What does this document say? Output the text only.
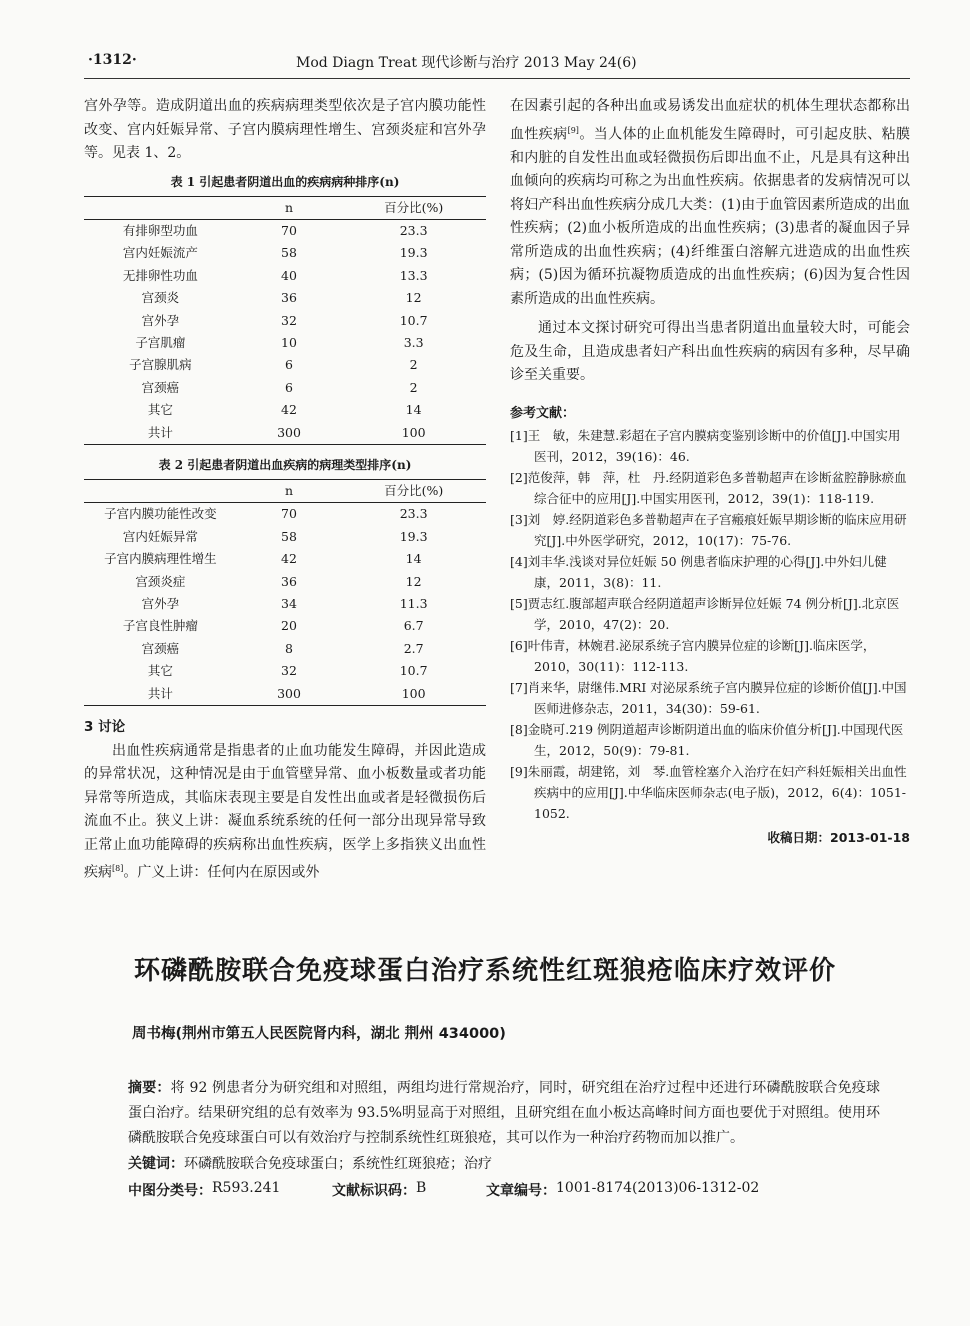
·1312·	Mod Diagn Treat 现代诊断与治疗 2013 May 24(6)

宫外孕等。造成阴道出血的疾病病理类型依次是子宫内膜功能性改变、宫内妊娠异常、子宫内膜病理性增生、宫颈炎症和宫外孕等。见表 1、2。

表 1 引起患者阴道出血的疾病病种排序(n)
	n	百分比(%)
有排卵型功血	70	23.3
宫内妊娠流产	58	19.3
无排卵性功血	40	13.3
宫颈炎	36	12
宫外孕	32	10.7
子宫肌瘤	10	3.3
子宫腺肌病	6	2
宫颈癌	6	2
其它	42	14
共计	300	100
表 2 引起患者阴道出血疾病的病理类型排序(n)
	n	百分比(%)
子宫内膜功能性改变	70	23.3
宫内妊娠异常	58	19.3
子宫内膜病理性增生	42	14
宫颈炎症	36	12
宫外孕	34	11.3
子宫良性肿瘤	20	6.7
宫颈癌	8	2.7
其它	32	10.7
共计	300	100
3 讨论

出血性疾病通常是指患者的止血功能发生障碍，并因此造成的异常状况，这种情况是由于血管壁异常、血小板数量或者功能异常等所造成，其临床表现主要是自发性出血或者是轻微损伤后流血不止。狭义上讲：凝血系统系统的任何一部分出现异常导致正常止血功能障碍的疾病称出血性疾病，医学上多指狭义出血性疾病[8]。广义上讲：任何内在原因或外

在因素引起的各种出血或易诱发出血症状的机体生理状态都称出血性疾病[9]。当人体的止血机能发生障碍时，可引起皮肤、粘膜和内脏的自发性出血或轻微损伤后即出血不止，凡是具有这种出血倾向的疾病均可称之为出血性疾病。依据患者的发病情况可以将妇产科出血性疾病分成几大类：(1)由于血管因素所造成的出血性疾病；(2)血小板所造成的出血性疾病；(3)患者的凝血因子异常所造成的出血性疾病；(4)纤维蛋白溶解亢进造成的出血性疾病；(5)因为循环抗凝物质造成的出血性疾病；(6)因为复合性因素所造成的出血性疾病。

通过本文探讨研究可得出当患者阴道出血量较大时，可能会危及生命，且造成患者妇产科出血性疾病的病因有多种，尽早确诊至关重要。

参考文献：
[1]王　敏，朱建慧.彩超在子宫内膜病变鉴别诊断中的价值[J].中国实用医刊，2012，39(16)：46.
[2]范俊萍，韩　萍，杜　丹.经阴道彩色多普勒超声在诊断盆腔静脉瘀血综合征中的应用[J].中国实用医刊，2012，39(1)：118-119.
[3]刘　婷.经阴道彩色多普勒超声在子宫瘢痕妊娠早期诊断的临床应用研究[J].中外医学研究，2012，10(17)：75-76.
[4]刘丰华.浅谈对异位妊娠 50 例患者临床护理的心得[J].中外妇儿健康，2011，3(8)：11.
[5]贾志红.腹部超声联合经阴道超声诊断异位妊娠 74 例分析[J].北京医学，2010，47(2)：20.
[6]叶伟青，林婉君.泌尿系统子宫内膜异位症的诊断[J].临床医学，2010，30(11)：112-113.
[7]肖来华，尉继伟.MRI 对泌尿系统子宫内膜异位症的诊断价值[J].中国医师进修杂志，2011，34(30)：59-61.
[8]金晓可.219 例阴道超声诊断阴道出血的临床价值分析[J].中国现代医生，2012，50(9)：79-81.
[9]朱丽霞，胡建铭，刘　琴.血管栓塞介入治疗在妇产科妊娠相关出血性疾病中的应用[J].中华临床医师杂志(电子版)，2012，6(4)：1051-1052.
收稿日期：2013-01-18
环磷酰胺联合免疫球蛋白治疗系统性红斑狼疮临床疗效评价
周书梅(荆州市第五人民医院肾内科，湖北 荆州 434000)
摘要：将 92 例患者分为研究组和对照组，两组均进行常规治疗，同时，研究组在治疗过程中还进行环磷酰胺联合免疫球蛋白治疗。结果研究组的总有效率为 93.5%明显高于对照组，且研究组在血小板达高峰时间方面也要优于对照组。使用环磷酰胺联合免疫球蛋白可以有效治疗与控制系统性红斑狼疮，其可以作为一种治疗药物而加以推广。
关键词：环磷酰胺联合免疫球蛋白；系统性红斑狼疮；治疗
中图分类号： R593.241	文献标识码： B	文章编号： 1001-8174(2013)06-1312-02
